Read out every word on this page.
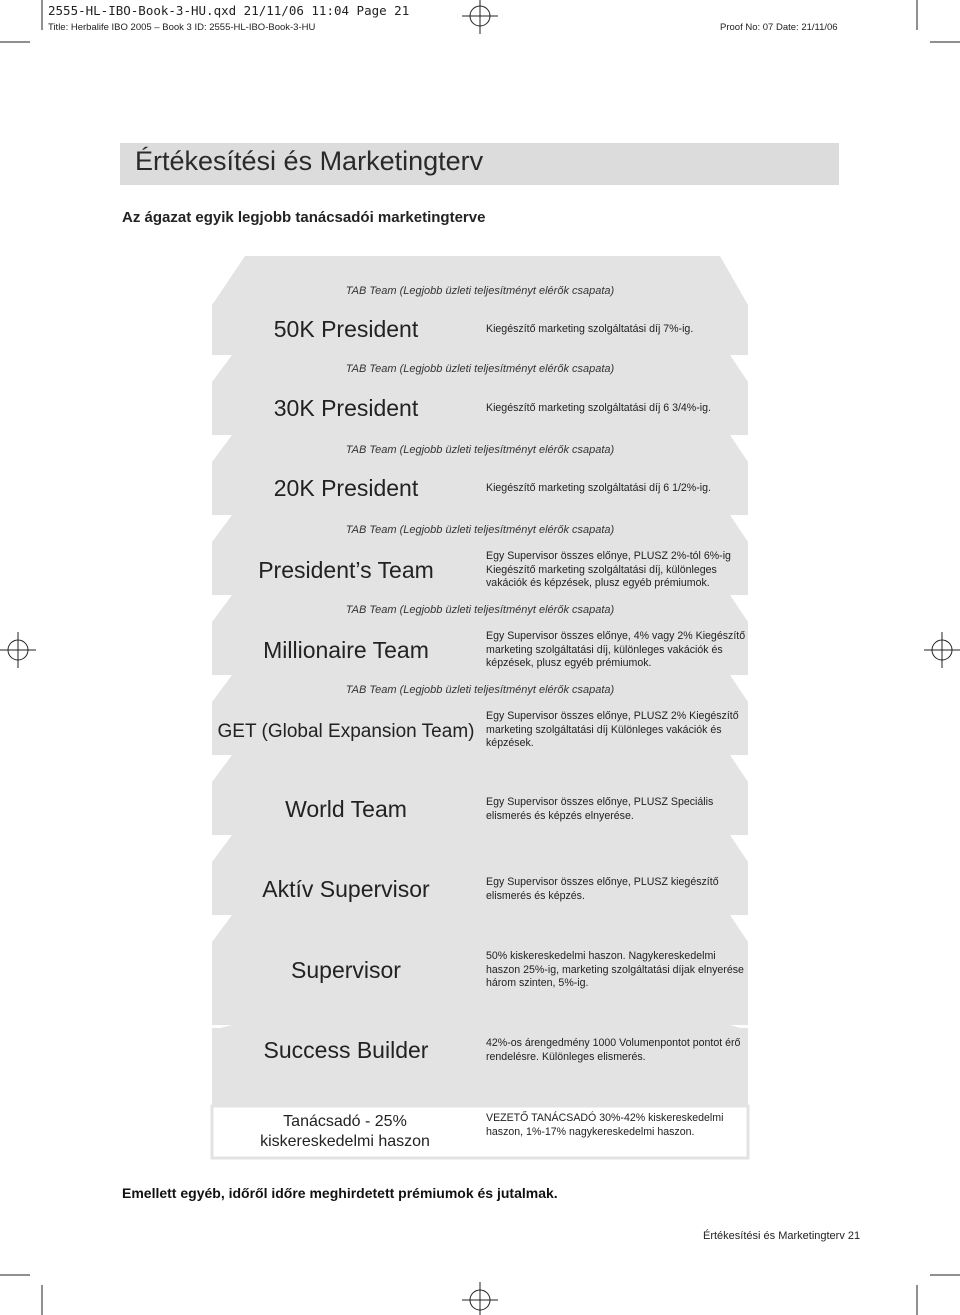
2555-HL-IBO-Book-3-HU.qxd 21/11/06 11:04 Page 21
Title: Herbalife IBO 2005 – Book 3 ID: 2555-HL-IBO-Book-3-HU	Proof No: 07 Date: 21/11/06
Értékesítési és Marketingterv
Az ágazat egyik legjobb tanácsadói marketingterve
TAB Team (Legjobb üzleti teljesítményt elérők csapata)
TAB Team (Legjobb üzleti teljesítményt elérők csapata)
TAB Team (Legjobb üzleti teljesítményt elérők csapata)
TAB Team (Legjobb üzleti teljesítményt elérők csapata)
TAB Team (Legjobb üzleti teljesítményt elérők csapata)
TAB Team (Legjobb üzleti teljesítményt elérők csapata)
50K President
30K President
20K President
President’s Team
Millionaire Team
GET (Global Expansion Team)
World Team
Aktív Supervisor
Supervisor
Success Builder
Tanácsadó - 25% kiskereskedelmi haszon
Kiegészítő marketing szolgáltatási díj 7%-ig.
Kiegészítő marketing szolgáltatási díj 6 3/4%-ig.
Kiegészítő marketing szolgáltatási díj 6 1/2%-ig.
Egy Supervisor összes előnye, PLUSZ 2%-tól 6%-ig Kiegészítő marketing szolgáltatási díj, különleges vakációk és képzések, plusz egyéb prémiumok.
Egy Supervisor összes előnye, 4% vagy 2% Kiegészítő marketing szolgáltatási díj, különleges vakációk és képzések, plusz egyéb prémiumok.
Egy Supervisor összes előnye, PLUSZ 2% Kiegészítő marketing szolgáltatási díj Különleges vakációk és képzések.
Egy Supervisor összes előnye, PLUSZ Speciális elismerés és képzés elnyerése.
Egy Supervisor összes előnye, PLUSZ kiegészítő elismerés és képzés.
50% kiskereskedelmi haszon. Nagykereskedelmi haszon 25%-ig, marketing szolgáltatási díjak elnyerése három szinten, 5%-ig.
42%-os árengedmény 1000 Volumenpontot pontot érő rendelésre. Különleges elismerés.
VEZETŐ TANÁCSADÓ 30%-42% kiskereskedelmi haszon, 1%-17% nagykereskedelmi haszon.
Emellett egyéb, időről időre meghirdetett prémiumok és jutalmak.
Értékesítési és Marketingterv 21
